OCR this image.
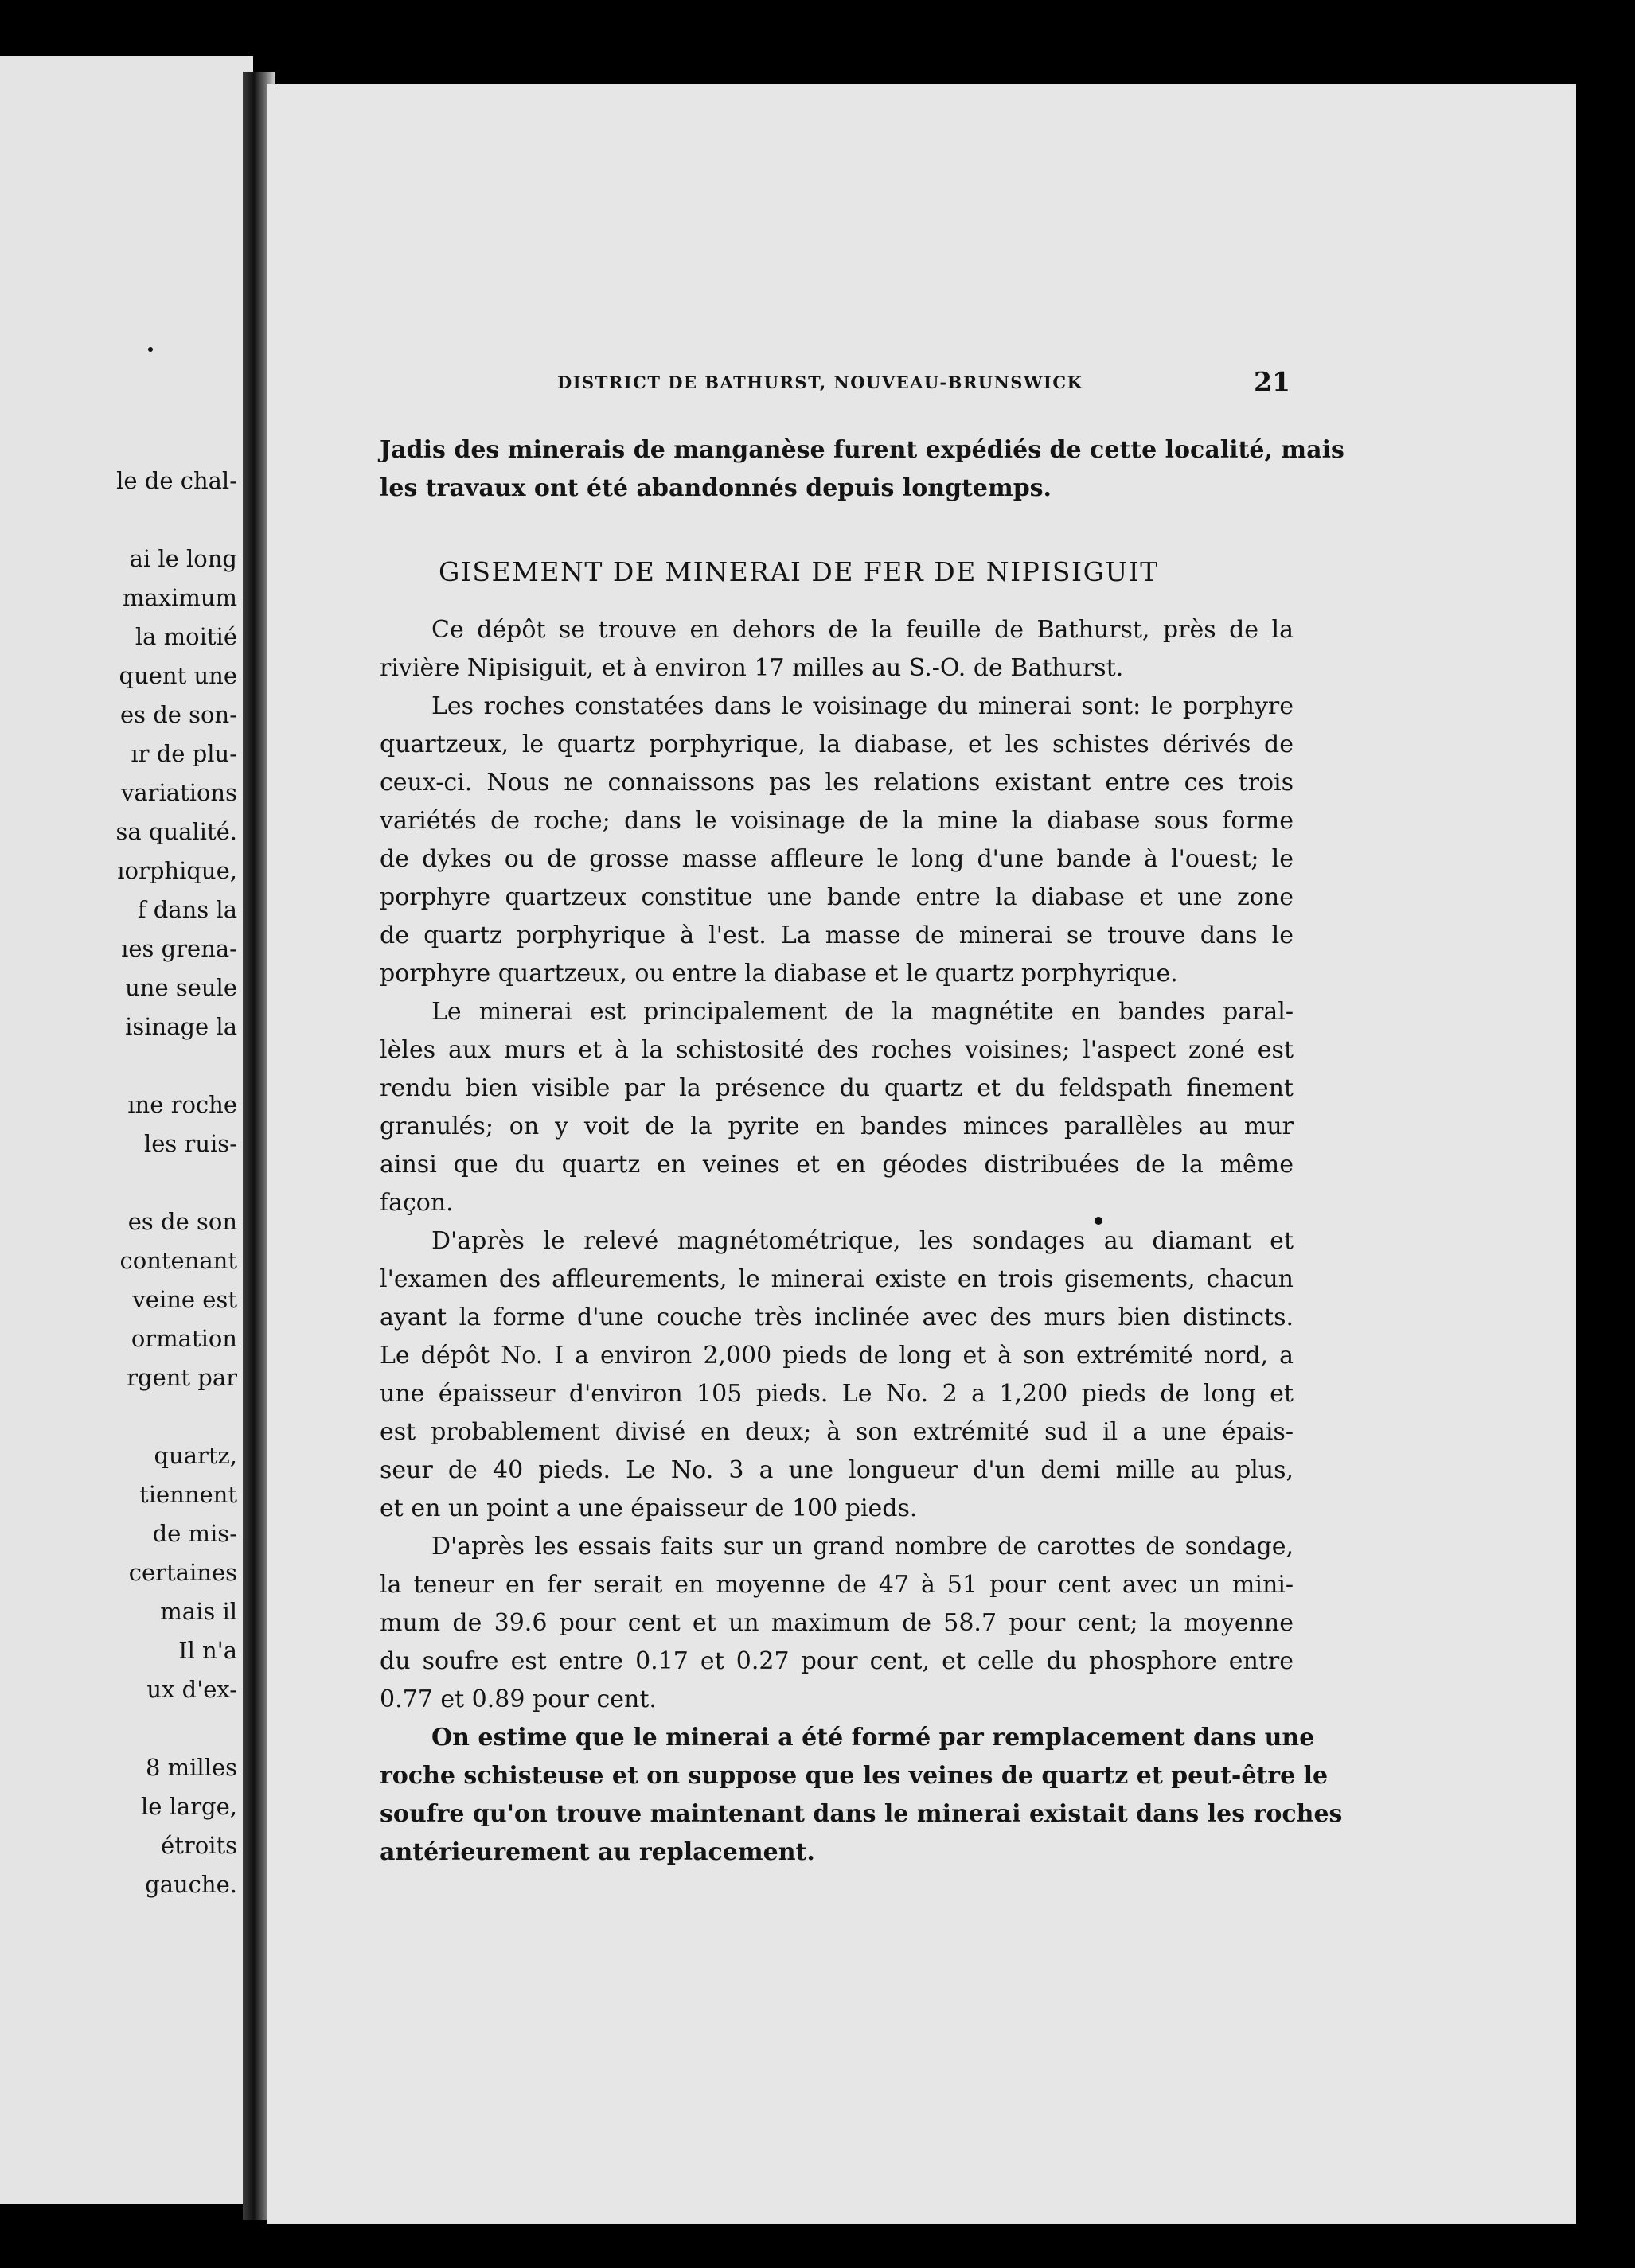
le de chal-
ai le long
maximum
la moitié
quent une
es de son-
ır de plu-
variations
sa qualité.
ıorphique,
f dans la
ıes grena-
une seule
isinage la
ıne roche
les ruis-
es de son
contenant
veine est
ormation
rgent par
quartz,
tiennent
de mis-
certaines
mais il
Il n'a
ux d'ex-
8 milles
le large,
étroits
gauche.
DISTRICT DE BATHURST, NOUVEAU-BRUNSWICK	21
Jadis des minerais de manganèse furent expédiés de cette localité, mais
les travaux ont été abandonnés depuis longtemps.
GISEMENT DE MINERAI DE FER DE NIPISIGUIT
Ce dépôt se trouve en dehors de la feuille de Bathurst, près de la
rivière Nipisiguit, et à environ 17 milles au S.-O. de Bathurst.
Les roches constatées dans le voisinage du minerai sont: le porphyre
quartzeux, le quartz porphyrique, la diabase, et les schistes dérivés de
ceux-ci. Nous ne connaissons pas les relations existant entre ces trois
variétés de roche; dans le voisinage de la mine la diabase sous forme
de dykes ou de grosse masse affleure le long d'une bande à l'ouest; le
porphyre quartzeux constitue une bande entre la diabase et une zone
de quartz porphyrique à l'est. La masse de minerai se trouve dans le
porphyre quartzeux, ou entre la diabase et le quartz porphyrique.
Le minerai est principalement de la magnétite en bandes paral-
lèles aux murs et à la schistosité des roches voisines; l'aspect zoné est
rendu bien visible par la présence du quartz et du feldspath finement
granulés; on y voit de la pyrite en bandes minces parallèles au mur
ainsi que du quartz en veines et en géodes distribuées de la même
façon.
D'après le relevé magnétométrique, les sondages au diamant et
l'examen des affleurements, le minerai existe en trois gisements, chacun
ayant la forme d'une couche très inclinée avec des murs bien distincts.
Le dépôt No. I a environ 2,000 pieds de long et à son extrémité nord, a
une épaisseur d'environ 105 pieds. Le No. 2 a 1,200 pieds de long et
est probablement divisé en deux; à son extrémité sud il a une épais-
seur de 40 pieds. Le No. 3 a une longueur d'un demi mille au plus,
et en un point a une épaisseur de 100 pieds.
D'après les essais faits sur un grand nombre de carottes de sondage,
la teneur en fer serait en moyenne de 47 à 51 pour cent avec un mini-
mum de 39.6 pour cent et un maximum de 58.7 pour cent; la moyenne
du soufre est entre 0.17 et 0.27 pour cent, et celle du phosphore entre
0.77 et 0.89 pour cent.
On estime que le minerai a été formé par remplacement dans une
roche schisteuse et on suppose que les veines de quartz et peut-être le
soufre qu'on trouve maintenant dans le minerai existait dans les roches
antérieurement au replacement.
